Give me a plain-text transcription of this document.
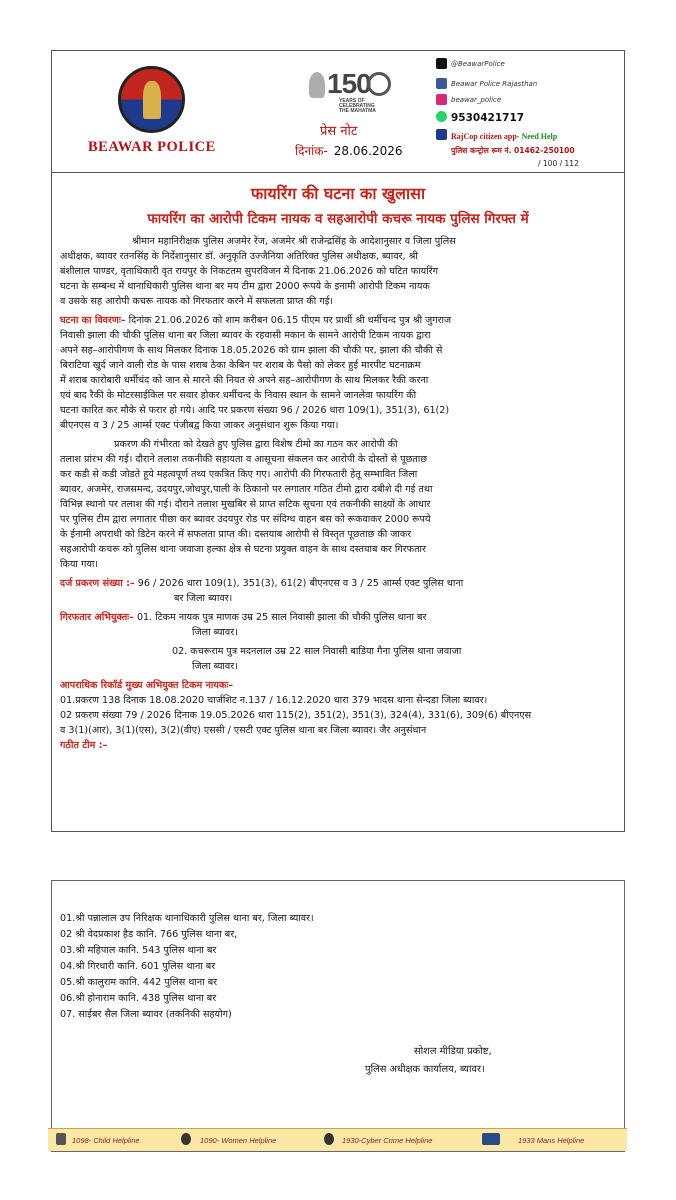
BEAWAR POLICE
150
YEARS OF
CELEBRATING
THE MAHATMA
प्रेस नोट
दिनांक- 28.06.2026
@BeawarPolice
Beawar Police Rajasthan
beawar_police
9530421717
RajCop citizen app- Need Help
पुलिस कन्ट्रोल रूम नं. 01462-250100
/ 100 / 112
फायरिंग की घटना का खुलासा
फायरिंग का आरोपी टिकम नायक व सहआरोपी कचरू नायक पुलिस गिरफ्त में
श्रीमान महानिरीक्षक पुलिस अजमेर रेंज, अजमेर श्री राजेन्द्रसिंह के आदेशानुसार व जिला पुलिस
अधीक्षक, ब्यावर रतनसिंह के निर्देशानुसार डॉ. अनुकृति उज्जैनिया अतिरिक्त पुलिस अधीक्षक, ब्यावर, श्री
बंशीलाल पाण्डर, वृताधिकारी वृत रायपुर के निकटतम सुपरविजन में दिनाक 21.06.2026 को घटित फायरिंग
घटना के सम्बन्ध में थानाधिकारी पुलिस थाना बर मय टीम द्वारा 2000 रूपये के इनामी आरोपी टिकम नायक
व उसके सह आरोपी कचरू नायक को गिरफतार करने में सफलता प्राप्त की गई।
घटना का विवरणः– दिनांक 21.06.2026 को शाम करीबन 06.15 पीएम पर प्रार्थी श्री धर्मीचन्द पुत्र श्री जुगराज
निवासी झाला की चौकी पुलिस थाना बर जिला ब्यावर के रहवासी मकान के सामने आरोपी टिकम नायक द्वारा
अपने सह–आरोपीगण के साथ मिलकर दिनाक 18.05.2026 को ग्राम झाला की चौकी पर, झाला की चौकी से
बिराटिया खुर्द जाने वाली रोड के पास शराब ठेका केबिन पर शराब के पैसो को लेकर हुई मारपीट घटनाक्रम
में शराब कारोबारी धर्मीचंद को जान से मारने की नियत से अपने सह–आरोपीगण के साथ मिलकर रैकी करना
एवं बाद रैकी के मोटरसाईकिल पर सवार होकर धर्मीचन्द के निवास स्थान के सामने जानलेवा फायरिंग की
घटना कारित कर मौके से फरार हो गये। आदि पर प्रकरण संख्या 96 / 2026 धारा 109(1), 351(3), 61(2)
बीएनएस व 3 / 25 आर्म्स एक्ट पंजीबद्व किया जाकर अनुसंधान शुरू किया गया।
प्रकरण की गंभीरता को देखते हुए पुलिस द्वारा विशेष टीमो का गठन कर आरोपी की
तलाश प्रांरभ की गई। दौराने तलाश तकनीकी सहायता व आसूचना संकलन कर आरोपी के दोस्तों से पूछताछ
कर कडी से कडी जोडते हूये महत्वपूर्ण तथ्य एकत्रित किए गए। आरोपी की गिरफतारी हेतू सम्भावित जिला
ब्यावर, अजमेर, राजसमन्द, उदयपुर,जोधपुर,पाली के ठिकानो पर लगातार गठित टीमो द्वारा दबीशे दी गई तथा
विभिन्न स्थानो पर तलाश की गई। दौराने तलाश मुखबिर से प्राप्त सटिक सूचना एवं तकनीकी साक्ष्यों के आधार
पर पुलिस टीम द्वारा लगातार पीछा कर ब्यावर उदयपुर रोड पर संदिग्ध वाहन बस को रूकवाकर 2000 रूपये
के ईनामी अपराधी को डिटेन करने में सफलता प्राप्त की। दस्तयाब आरोपी से विस्तृत पूछताछ की जाकर
सहआरोपी कचरू को पुलिस थाना जवाजा हल्का क्षेत्र से घटना प्रयुक्त वाहन के साथ दस्तयाब कर गिरफतार
किया गया।
दर्ज प्रकरण संख्या :– 96 / 2026 धारा 109(1), 351(3), 61(2) बीएनएस व 3 / 25 आर्म्स एक्ट पुलिस थाना
बर जिला ब्यावर।
गिरफतार अभियुक्तः– 01. टिकम नायक पुत्र माणक उम्र 25 साल निवासी झाला की चौकी पुलिस थाना बर
जिला ब्यावर।
02. कचरूराम पुत्र मदनलाल उम्र 22 साल निवासी बाडिया गैना पुलिस थाना जवाजा
जिला ब्यावर।
आपराधिक रिकॉर्ड मुख्य अभियुक्त टिकम नायकः–
01.प्रकरण 138 दिनाक 18.08.2020 चार्जशिट न.137 / 16.12.2020 धारा 379 भादस थाना सेन्दडा जिला ब्यावर।
02 प्रकरण संख्या 79 / 2026 दिनाक 19.05.2026 धारा 115(2), 351(2), 351(3), 324(4), 331(6), 309(6) बीएनएस
व 3(1)(आर), 3(1)(एस), 3(2)(वीए) एससी / एसटी एक्ट पुलिस थाना बर जिला ब्यावर। जैर अनुसंधान
गठीत टीम :–
01.श्री पन्नालाल उप निरिक्षक थानाधिकारी पुलिस थाना बर, जिला ब्यावर।
02 श्री वेदप्रकाश हैड कानि. 766 पुलिस थाना बर,
03.श्री महिपाल कानि. 543 पुलिस थाना बर
04.श्री गिरधारी कानि. 601 पुलिस थाना बर
05.श्री कालुराम कानि. 442 पुलिस थाना बर
06.श्री होनाराम कानि. 438 पुलिस थाना बर
07. साईबर सैल जिला ब्यावर (तकनिकी सहयोग)
सोशल मीडिया प्रकोष्ट,
पुलिस अधीक्षक कार्यालय, ब्यावर।
1098- Child Helpline	1090- Women Helpline	1930-Cyber Crime Helpline	1933 Mans Helpline
